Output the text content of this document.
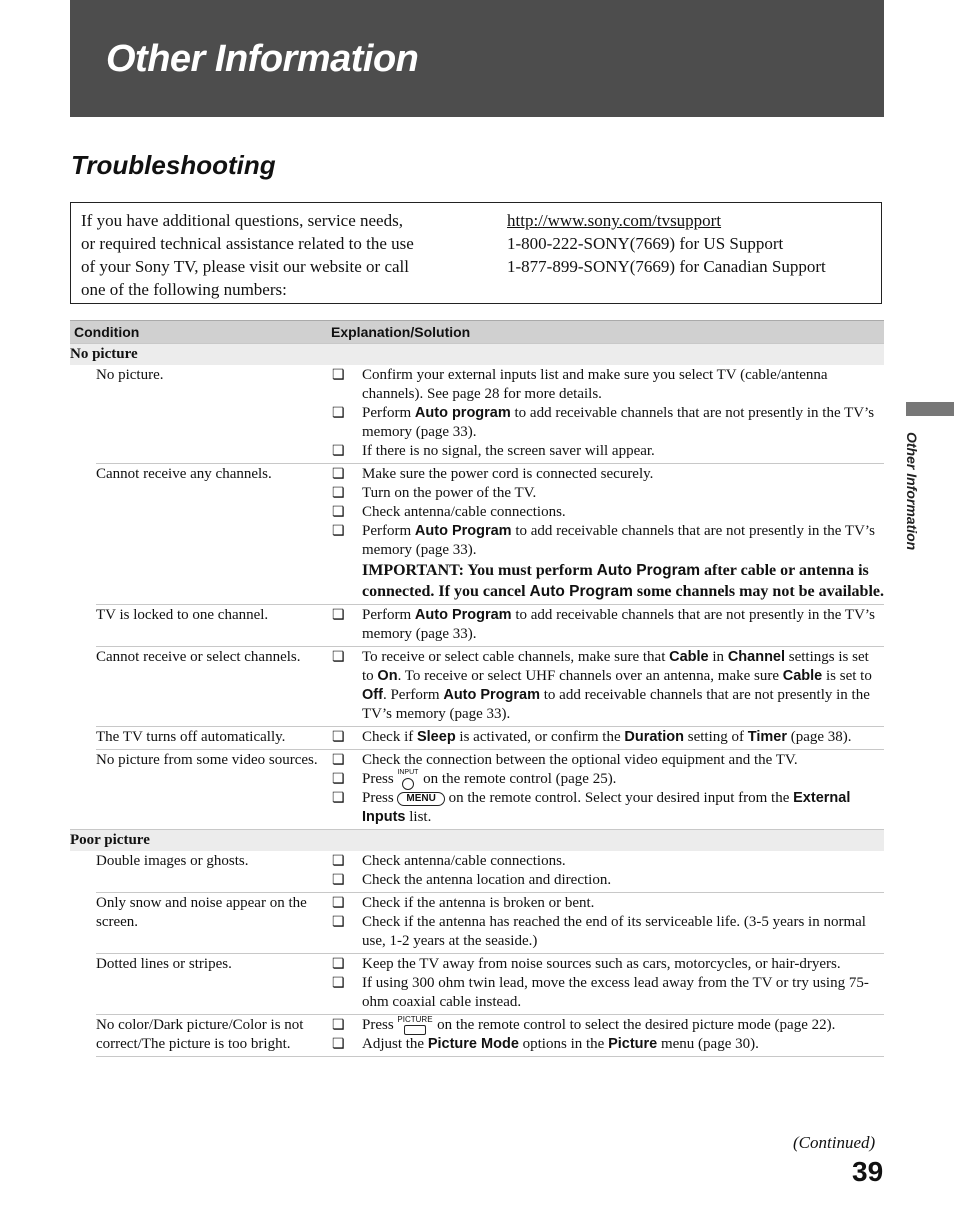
Other Information
Troubleshooting
If you have additional questions, service needs,
or required technical assistance related to the use
of your Sony TV, please visit our website or call
one of the following numbers:
http://www.sony.com/tvsupport
1-800-222-SONY(7669) for US Support
1-877-899-SONY(7669) for Canadian Support
Other Information
Condition	Explanation/Solution
No picture
No picture.	❏ Confirm your external inputs list and make sure you select TV (cable/antenna channels). See page 28 for more details.
❏ Perform Auto program to add receivable channels that are not presently in the TV’s memory (page 33).
❏ If there is no signal, the screen saver will appear.
Cannot receive any channels.	❏ Make sure the power cord is connected securely.
❏ Turn on the power of the TV.
❏ Check antenna/cable connections.
❏ Perform Auto Program to add receivable channels that are not presently in the TV’s memory (page 33).
IMPORTANT: You must perform Auto Program after cable or antenna is connected. If you cancel Auto Program some channels may not be available.
TV is locked to one channel.	❏ Perform Auto Program to add receivable channels that are not presently in the TV’s memory (page 33).
Cannot receive or select channels.	❏ To receive or select cable channels, make sure that Cable in Channel settings is set to On. To receive or select UHF channels over an antenna, make sure Cable is set to Off. Perform Auto Program to add receivable channels that are not presently in the TV’s memory (page 33).
The TV turns off automatically.	❏ Check if Sleep is activated, or confirm the Duration setting of Timer (page 38).
No picture from some video sources.	❏ Check the connection between the optional video equipment and the TV.
❏ Press INPUT on the remote control (page 25).
❏ Press MENU on the remote control. Select your desired input from the External Inputs list.
Poor picture
Double images or ghosts.	❏ Check antenna/cable connections.
❏ Check the antenna location and direction.
Only snow and noise appear on the screen.
❏ Check if the antenna is broken or bent.
❏ Check if the antenna has reached the end of its serviceable life. (3-5 years in normal use, 1-2 years at the seaside.)
Dotted lines or stripes.	❏ Keep the TV away from noise sources such as cars, motorcycles, or hair-dryers.
❏ If using 300 ohm twin lead, move the excess lead away from the TV or try using 75-ohm coaxial cable instead.
No color/Dark picture/Color is not correct/The picture is too bright.
❏ Press PICTURE on the remote control to select the desired picture mode (page 22).
❏ Adjust the Picture Mode options in the Picture menu (page 30).
(Continued)
39
